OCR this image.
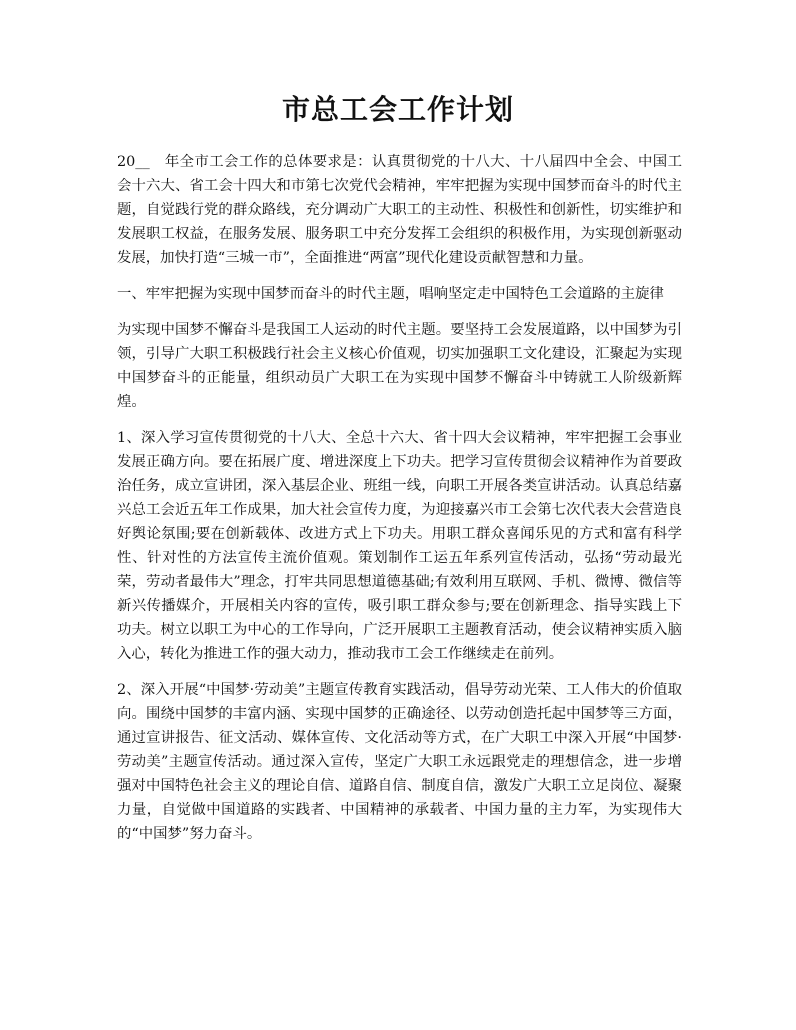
市总工会工作计划

20__　年全市工会工作的总体要求是：认真贯彻党的十八大、十八届四中全会、中国工会十六大、省工会十四大和市第七次党代会精神，牢牢把握为实现中国梦而奋斗的时代主题，自觉践行党的群众路线，充分调动广大职工的主动性、积极性和创新性，切实维护和发展职工权益，在服务发展、服务职工中充分发挥工会组织的积极作用，为实现创新驱动发展，加快打造“三城一市”，全面推进“两富”现代化建设贡献智慧和力量。

一、牢牢把握为实现中国梦而奋斗的时代主题，唱响坚定走中国特色工会道路的主旋律

为实现中国梦不懈奋斗是我国工人运动的时代主题。要坚持工会发展道路，以中国梦为引领，引导广大职工积极践行社会主义核心价值观，切实加强职工文化建设，汇聚起为实现中国梦奋斗的正能量，组织动员广大职工在为实现中国梦不懈奋斗中铸就工人阶级新辉煌。

1、深入学习宣传贯彻党的十八大、全总十六大、省十四大会议精神，牢牢把握工会事业发展正确方向。要在拓展广度、增进深度上下功夫。把学习宣传贯彻会议精神作为首要政治任务，成立宣讲团，深入基层企业、班组一线，向职工开展各类宣讲活动。认真总结嘉兴总工会近五年工作成果，加大社会宣传力度，为迎接嘉兴市工会第七次代表大会营造良好舆论氛围;要在创新载体、改进方式上下功夫。用职工群众喜闻乐见的方式和富有科学性、针对性的方法宣传主流价值观。策划制作工运五年系列宣传活动，弘扬“劳动最光荣，劳动者最伟大”理念，打牢共同思想道德基础;有效利用互联网、手机、微博、微信等新兴传播媒介，开展相关内容的宣传，吸引职工群众参与;要在创新理念、指导实践上下功夫。树立以职工为中心的工作导向，广泛开展职工主题教育活动，使会议精神实质入脑入心，转化为推进工作的强大动力，推动我市工会工作继续走在前列。

2、深入开展“中国梦·劳动美”主题宣传教育实践活动，倡导劳动光荣、工人伟大的价值取向。围绕中国梦的丰富内涵、实现中国梦的正确途径、以劳动创造托起中国梦等三方面，通过宣讲报告、征文活动、媒体宣传、文化活动等方式，在广大职工中深入开展“中国梦·劳动美”主题宣传活动。通过深入宣传，坚定广大职工永远跟党走的理想信念，进一步增强对中国特色社会主义的理论自信、道路自信、制度自信，激发广大职工立足岗位、凝聚力量，自觉做中国道路的实践者、中国精神的承载者、中国力量的主力军，为实现伟大的“中国梦”努力奋斗。
